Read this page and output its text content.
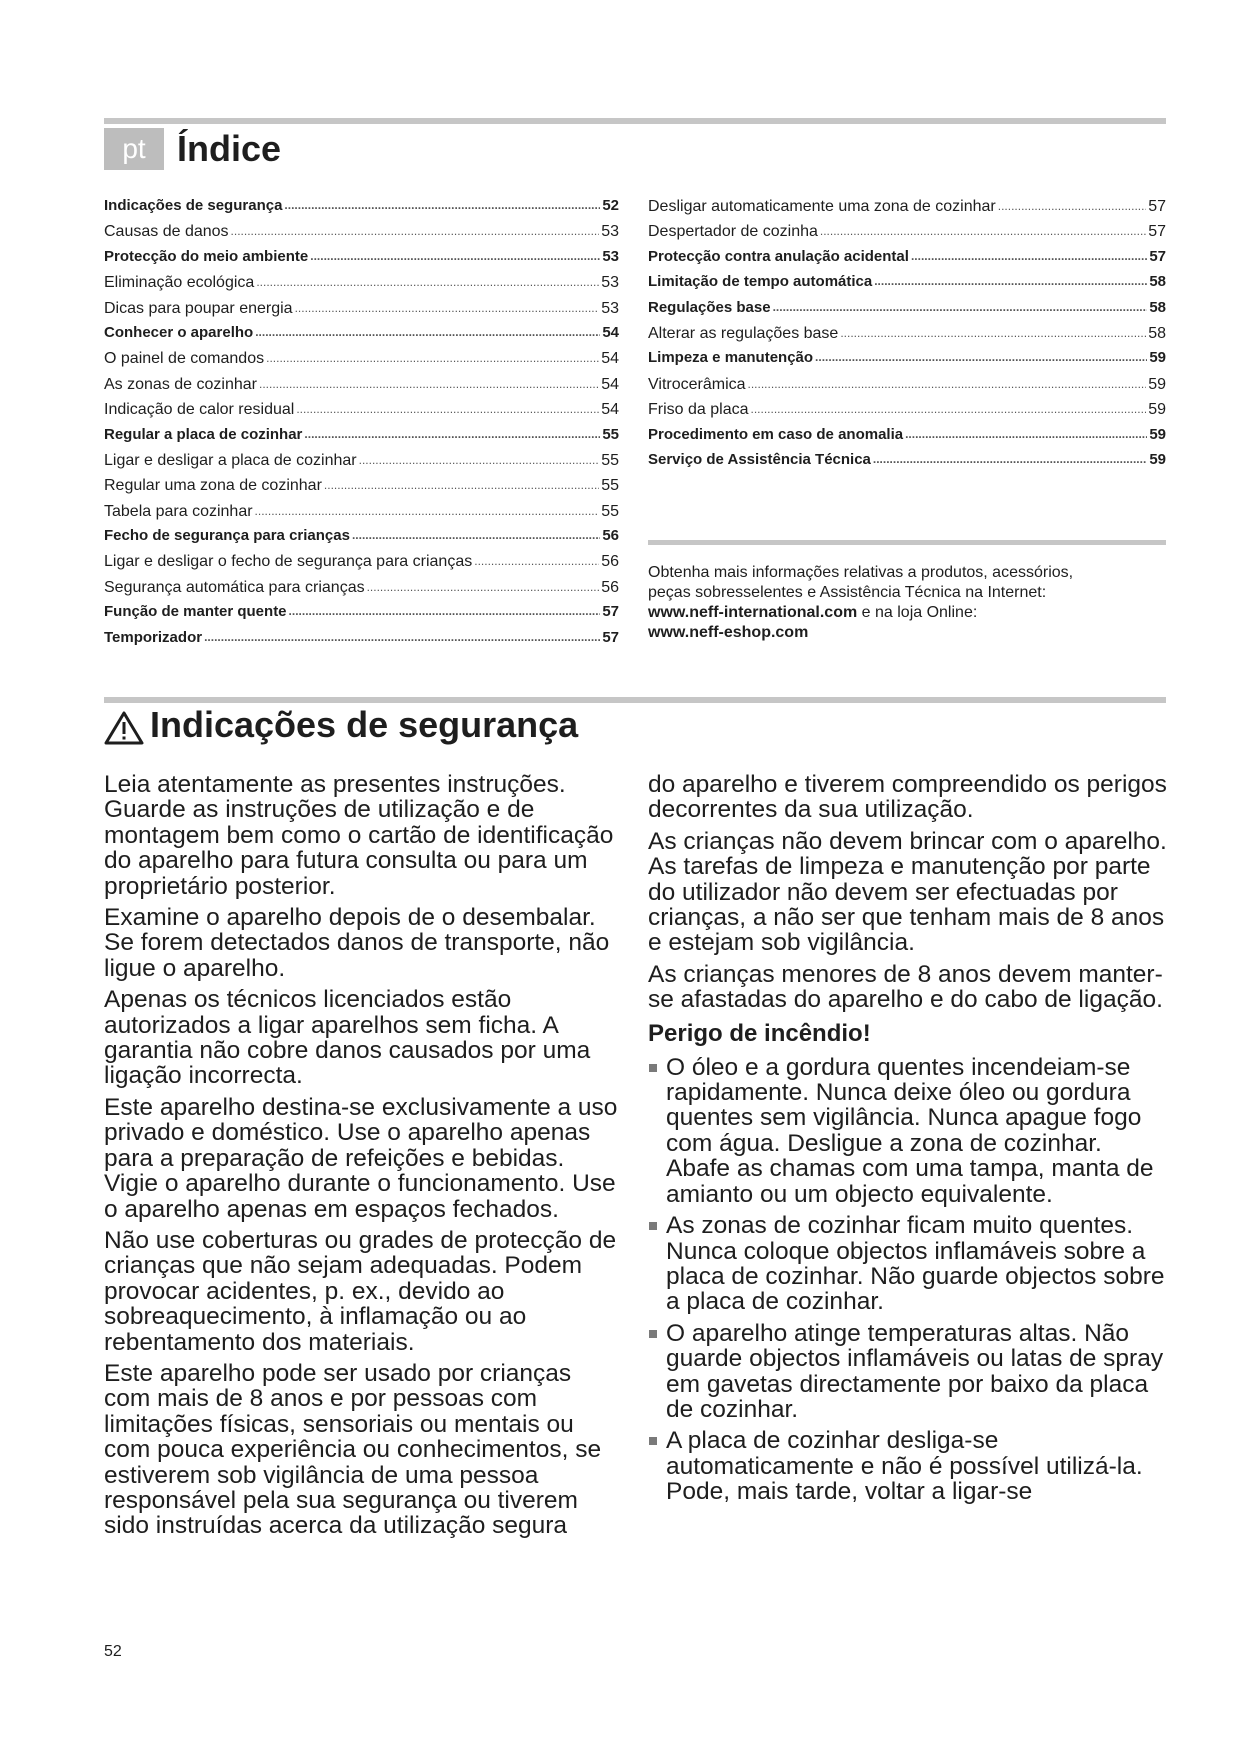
pt Índice
Indicações de segurança .....	52
Causas de danos .....	53
Protecção do meio ambiente .....	53
Eliminação ecológica .....	53
Dicas para poupar energia .....	53
Conhecer o aparelho .....	54
O painel de comandos .....	54
As zonas de cozinhar .....	54
Indicação de calor residual .....	54
Regular a placa de cozinhar .....	55
Ligar e desligar a placa de cozinhar .....	55
Regular uma zona de cozinhar .....	55
Tabela para cozinhar .....	55
Fecho de segurança para crianças .....	56
Ligar e desligar o fecho de segurança para crianças .....	56
Segurança automática para crianças .....	56
Função de manter quente .....	57
Temporizador .....	57
Desligar automaticamente uma zona de cozinhar .....	57
Despertador de cozinha .....	57
Protecção contra anulação acidental .....	57
Limitação de tempo automática .....	58
Regulações base .....	58
Alterar as regulações base .....	58
Limpeza e manutenção .....	59
Vitrocerâmica .....	59
Friso da placa .....	59
Procedimento em caso de anomalia .....	59
Serviço de Assistência Técnica .....	59
Obtenha mais informações relativas a produtos, acessórios,
peças sobresselentes e Assistência Técnica na Internet:
www.neff-international.com e na loja Online:
www.neff-eshop.com
Indicações de segurança

Leia atentamente as presentes instruções. Guarde as instruções de utilização e de montagem bem como o cartão de identificação do aparelho para futura consulta ou para um proprietário posterior.

Examine o aparelho depois de o desembalar. Se forem detectados danos de transporte, não ligue o aparelho.

Apenas os técnicos licenciados estão autorizados a ligar aparelhos sem ficha. A garantia não cobre danos causados por uma ligação incorrecta.

Este aparelho destina-se exclusivamente a uso privado e doméstico. Use o aparelho apenas para a preparação de refeições e bebidas. Vigie o aparelho durante o funcionamento. Use o aparelho apenas em espaços fechados.

Não use coberturas ou grades de protecção de crianças que não sejam adequadas. Podem provocar acidentes, p. ex., devido ao sobreaquecimento, à inflamação ou ao rebentamento dos materiais.

Este aparelho pode ser usado por crianças com mais de 8 anos e por pessoas com limitações físicas, sensoriais ou mentais ou com pouca experiência ou conhecimentos, se estiverem sob vigilância de uma pessoa responsável pela sua segurança ou tiverem sido instruídas acerca da utilização segura

do aparelho e tiverem compreendido os perigos decorrentes da sua utilização.

As crianças não devem brincar com o aparelho. As tarefas de limpeza e manutenção por parte do utilizador não devem ser efectuadas por crianças, a não ser que tenham mais de 8 anos e estejam sob vigilância.

As crianças menores de 8 anos devem manter-se afastadas do aparelho e do cabo de ligação.

Perigo de incêndio!
O óleo e a gordura quentes incendeiam-se rapidamente. Nunca deixe óleo ou gordura quentes sem vigilância. Nunca apague fogo com água. Desligue a zona de cozinhar. Abafe as chamas com uma tampa, manta de amianto ou um objecto equivalente.
As zonas de cozinhar ficam muito quentes. Nunca coloque objectos inflamáveis sobre a placa de cozinhar. Não guarde objectos sobre a placa de cozinhar.
O aparelho atinge temperaturas altas. Não guarde objectos inflamáveis ou latas de spray em gavetas directamente por baixo da placa de cozinhar.
A placa de cozinhar desliga-se automaticamente e não é possível utilizá-la. Pode, mais tarde, voltar a ligar-se
52
